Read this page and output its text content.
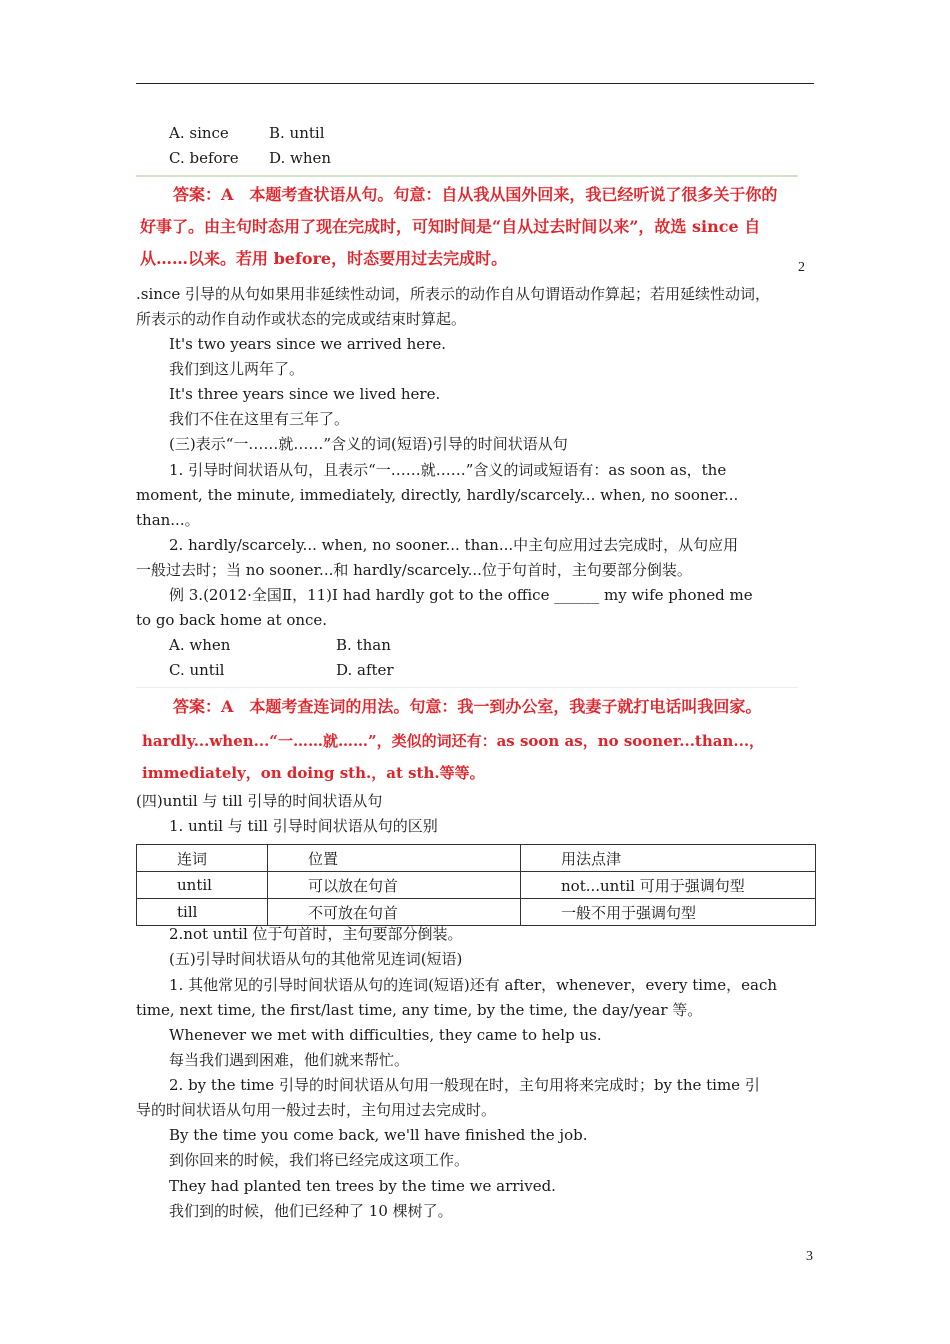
A. since	B. until
C. before D. when
答案：A　本题考查状语从句。句意：自从我从国外回来，我已经听说了很多关于你的
好事了。由主句时态用了现在完成时，可知时间是“自从过去时间以来”，故选 since 自
从……以来。若用 before，时态要用过去完成时。	2
.since 引导的从句如果用非延续性动词，所表示的动作自从句谓语动作算起；若用延续性动词，
所表示的动作自动作或状态的完成或结束时算起。
It's two years since we arrived here.
我们到这儿两年了。
It's three years since we lived here.
我们不住在这里有三年了。
(三)表示“一……就……”含义的词(短语)引导的时间状语从句
1. 引导时间状语从句，且表示“一……就……”含义的词或短语有：as soon as，the
moment, the minute, immediately, directly, hardly/scarcely... when, no sooner...
than...。
2. hardly/scarcely... when, no sooner... than...中主句应用过去完成时，从句应用
一般过去时；当 no sooner...和 hardly/scarcely...位于句首时，主句要部分倒装。
例 3.(2012·全国Ⅱ，11)I had hardly got to the office ______ my wife phoned me
to go back home at once.
A. when	B. than
C. until	D. after
答案：A　本题考查连词的用法。句意：我一到办公室，我妻子就打电话叫我回家。
hardly...when...“一……就……”，类似的词还有：as soon as，no sooner...than...，
immediately，on doing sth.，at sth.等等。
(四)until 与 till 引导的时间状语从句
1. until 与 till 引导时间状语从句的区别
连词	位置	用法点津
until	可以放在句首	not...until 可用于强调句型
till	不可放在句首	一般不用于强调句型
2.not until 位于句首时，主句要部分倒装。
(五)引导时间状语从句的其他常见连词(短语)
1. 其他常见的引导时间状语从句的连词(短语)还有 after，whenever，every time，each
time, next time, the first/last time, any time, by the time, the day/year 等。
Whenever we met with difficulties, they came to help us.
每当我们遇到困难，他们就来帮忙。
2. by the time 引导的时间状语从句用一般现在时，主句用将来完成时；by the time 引
导的时间状语从句用一般过去时，主句用过去完成时。
By the time you come back, we'll have finished the job.
到你回来的时候，我们将已经完成这项工作。
They had planted ten trees by the time we arrived.
我们到的时候，他们已经种了 10 棵树了。
3
